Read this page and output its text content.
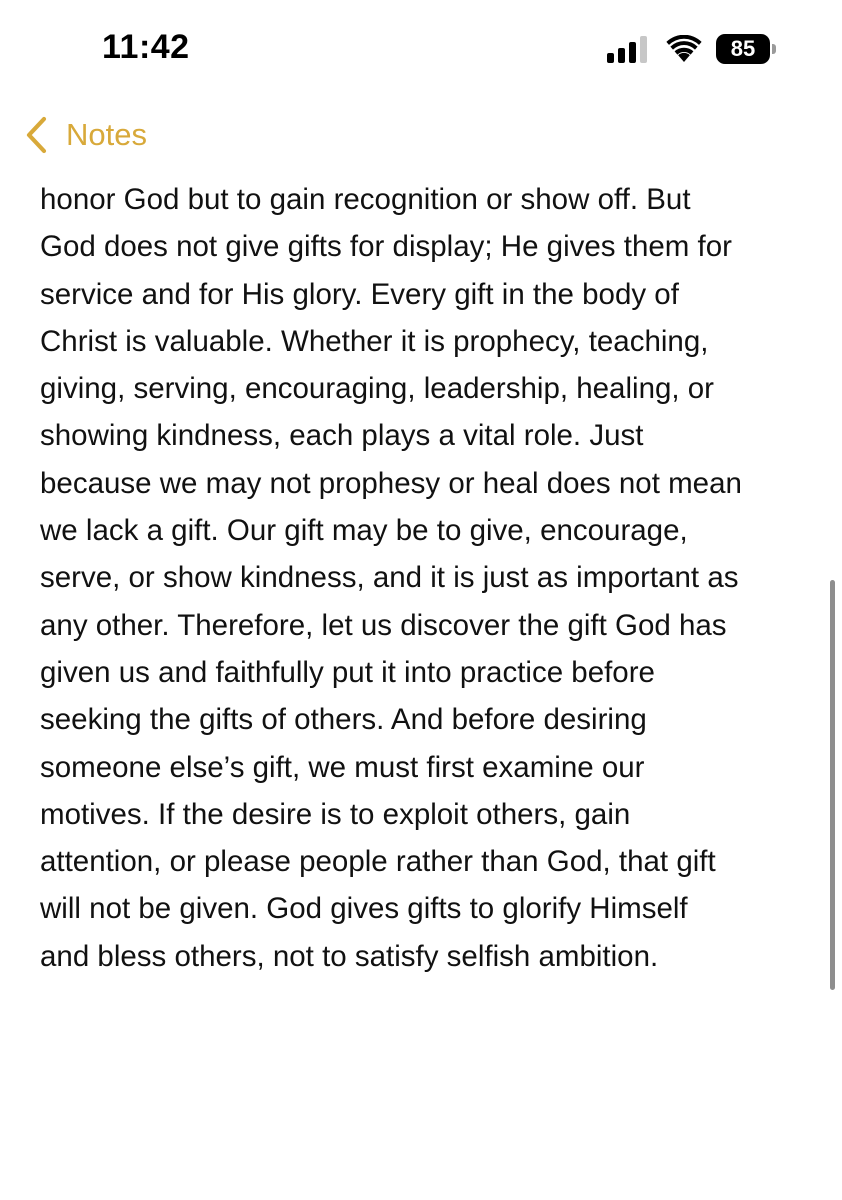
11:42	85
Notes
honor God but to gain recognition or show off. But
God does not give gifts for display; He gives them for
service and for His glory. Every gift in the body of
Christ is valuable. Whether it is prophecy, teaching,
giving, serving, encouraging, leadership, healing, or
showing kindness, each plays a vital role. Just
because we may not prophesy or heal does not mean
we lack a gift. Our gift may be to give, encourage,
serve, or show kindness, and it is just as important as
any other. Therefore, let us discover the gift God has
given us and faithfully put it into practice before
seeking the gifts of others. And before desiring
someone else’s gift, we must first examine our
motives. If the desire is to exploit others, gain
attention, or please people rather than God, that gift
will not be given. God gives gifts to glorify Himself
and bless others, not to satisfy selfish ambition.
